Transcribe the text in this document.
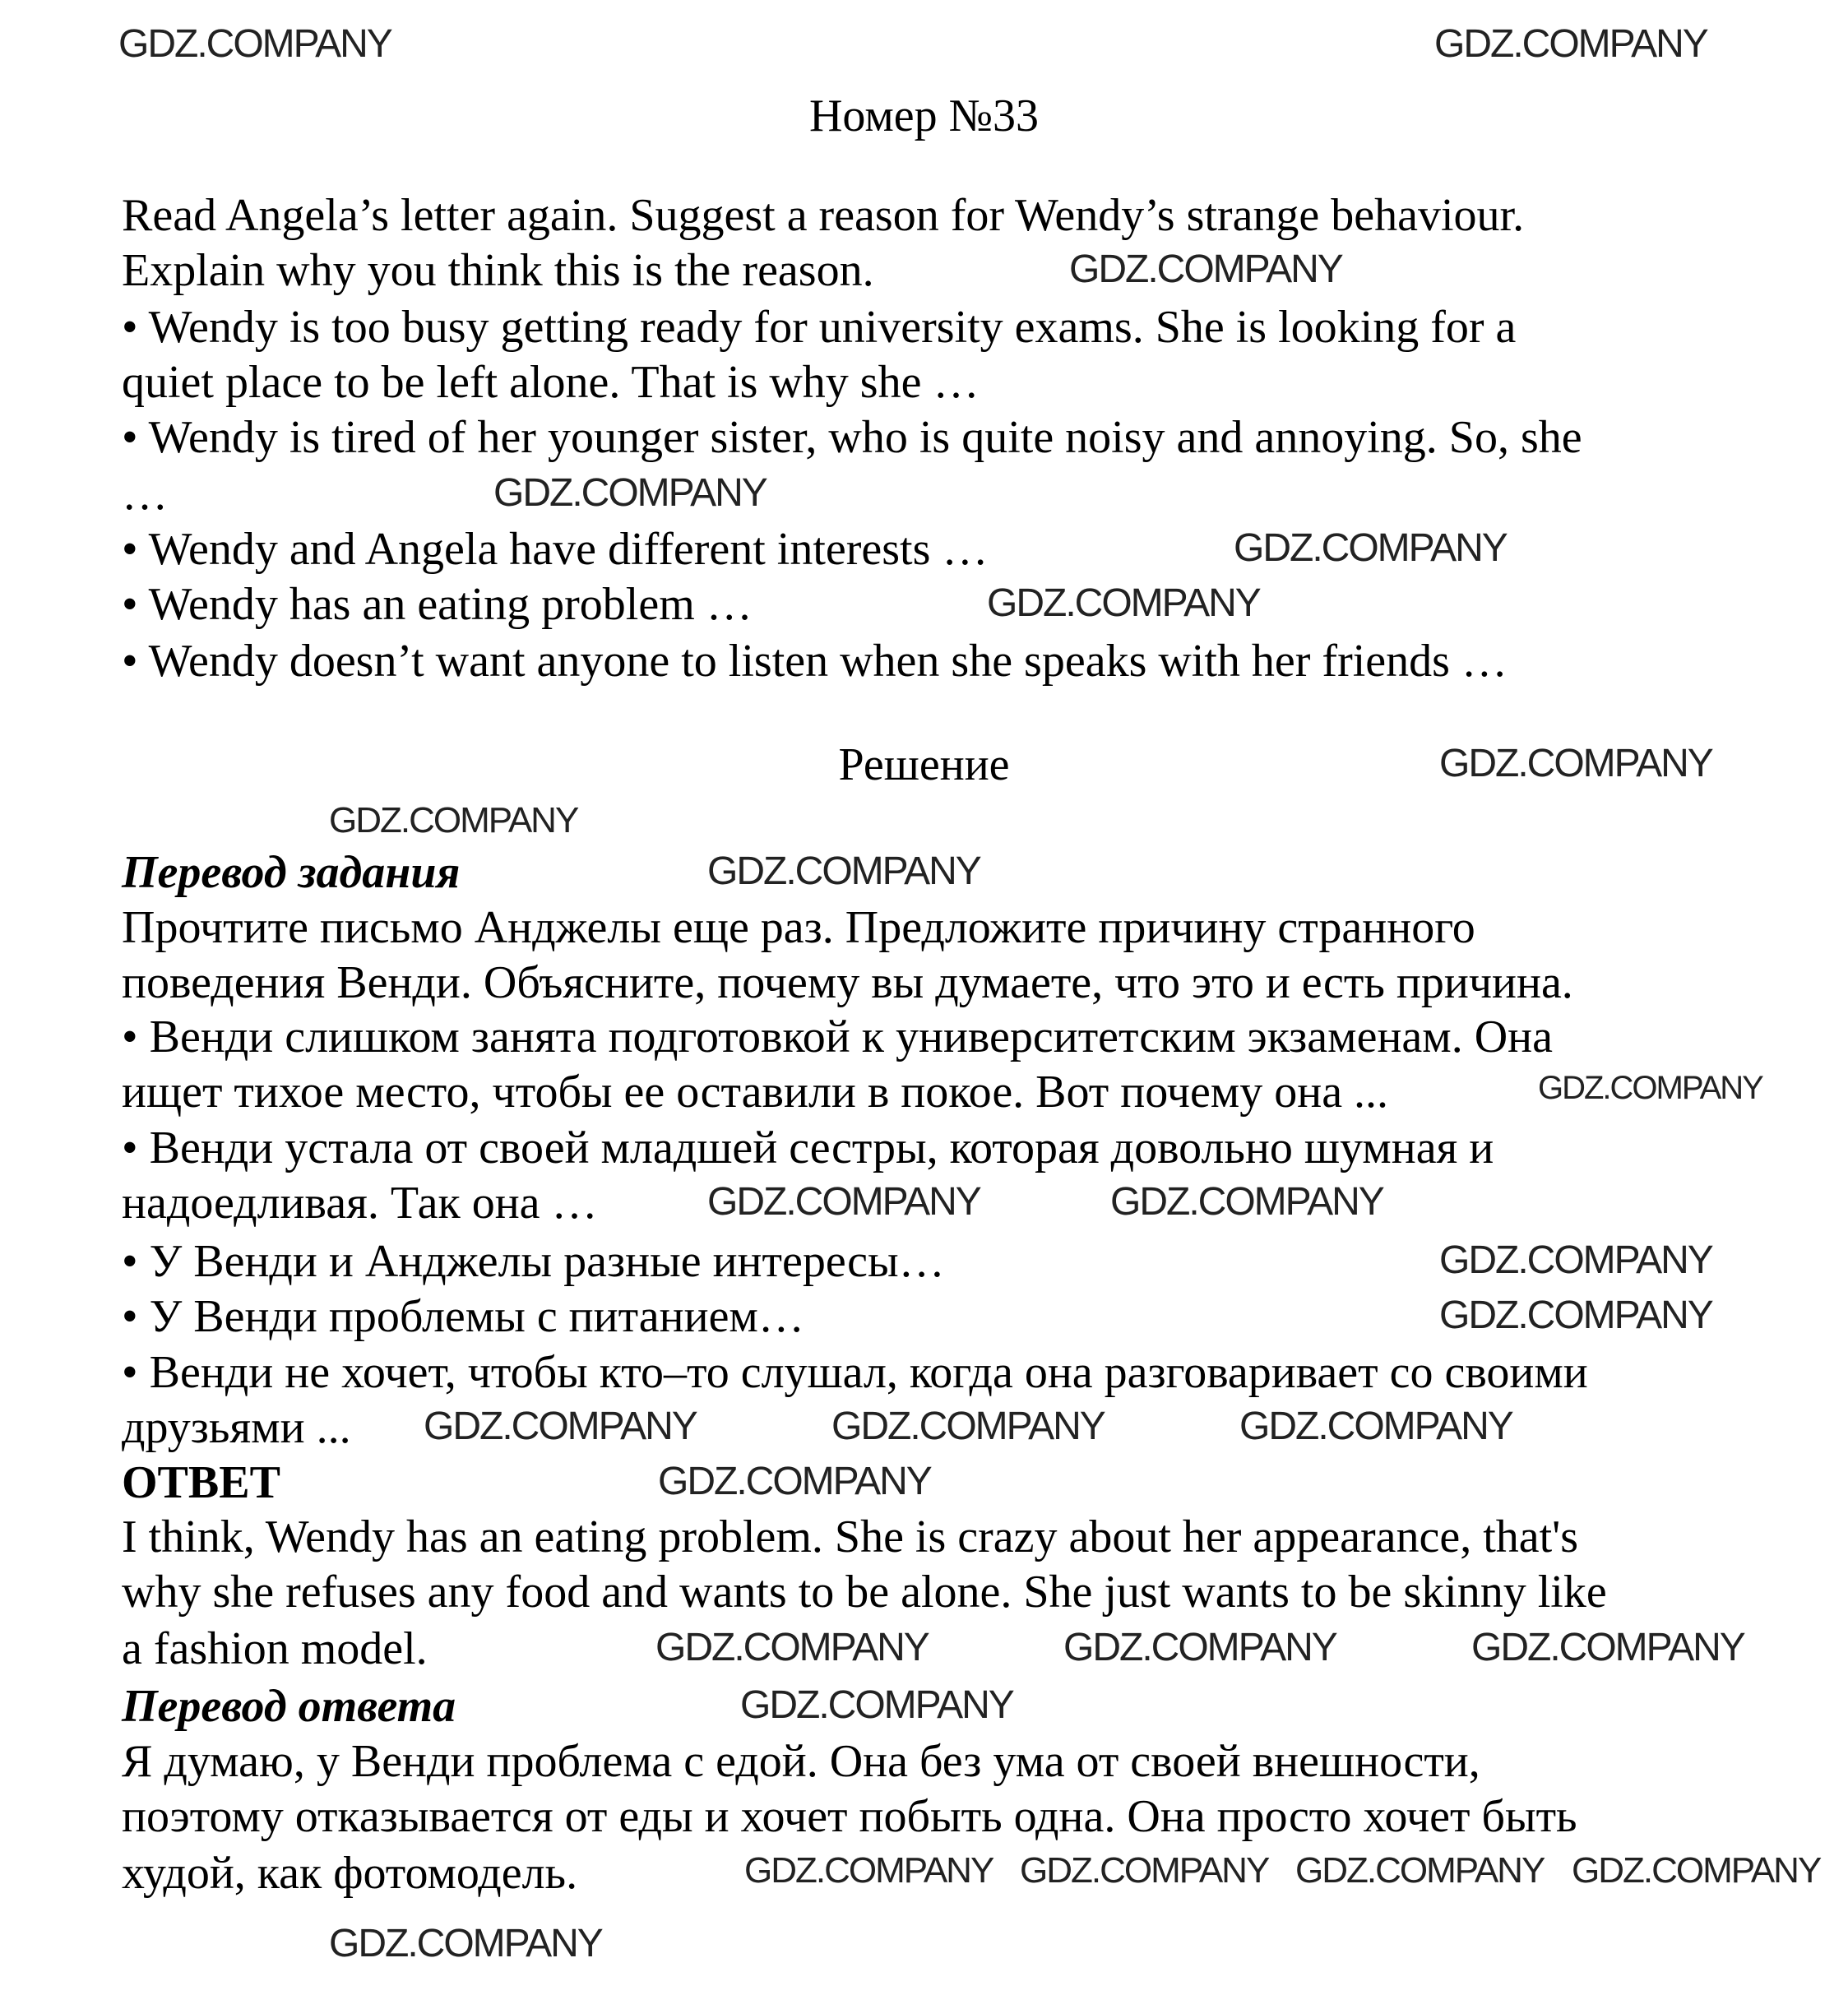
Номер №33
Read Angela’s letter again. Suggest a reason for Wendy’s strange behaviour.
Explain why you think this is the reason.
• Wendy is too busy getting ready for university exams. She is looking for a
quiet place to be left alone. That is why she …
• Wendy is tired of her younger sister, who is quite noisy and annoying. So, she
…
• Wendy and Angela have different interests …
• Wendy has an eating problem …
• Wendy doesn’t want anyone to listen when she speaks with her friends …
Решение
Перевод задания
Прочтите письмо Анджелы еще раз. Предложите причину странного
поведения Венди. Объясните, почему вы думаете, что это и есть причина.
• Венди слишком занята подготовкой к университетским экзаменам. Она
ищет тихое место, чтобы ее оставили в покое. Вот почему она ...
• Венди устала от своей младшей сестры, которая довольно шумная и
надоедливая. Так она …
• У Венди и Анджелы разные интересы…
• У Венди проблемы с питанием…
• Венди не хочет, чтобы кто–то слушал, когда она разговаривает со своими
друзьями ...
ОТВЕТ
I think, Wendy has an eating problem. She is crazy about her appearance, that's
why she refuses any food and wants to be alone. She just wants to be skinny like
a fashion model.
Перевод ответа
Я думаю, у Венди проблема с едой. Она без ума от своей внешности,
поэтому отказывается от еды и хочет побыть одна. Она просто хочет быть
худой, как фотомодель.
GDZ.COMPANY	GDZ.COMPANY
GDZ.COMPANY
GDZ.COMPANY
GDZ.COMPANY
GDZ.COMPANY
GDZ.COMPANY
GDZ.COMPANY
GDZ.COMPANY
GDZ.COMPANY
GDZ.COMPANY	GDZ.COMPANY
GDZ.COMPANY
GDZ.COMPANY
GDZ.COMPANY	GDZ.COMPANY	GDZ.COMPANY
GDZ.COMPANY
GDZ.COMPANY	GDZ.COMPANY	GDZ.COMPANY
GDZ.COMPANY
GDZ.COMPANY GDZ.COMPANY GDZ.COMPANY GDZ.COMPANY
GDZ.COMPANY
